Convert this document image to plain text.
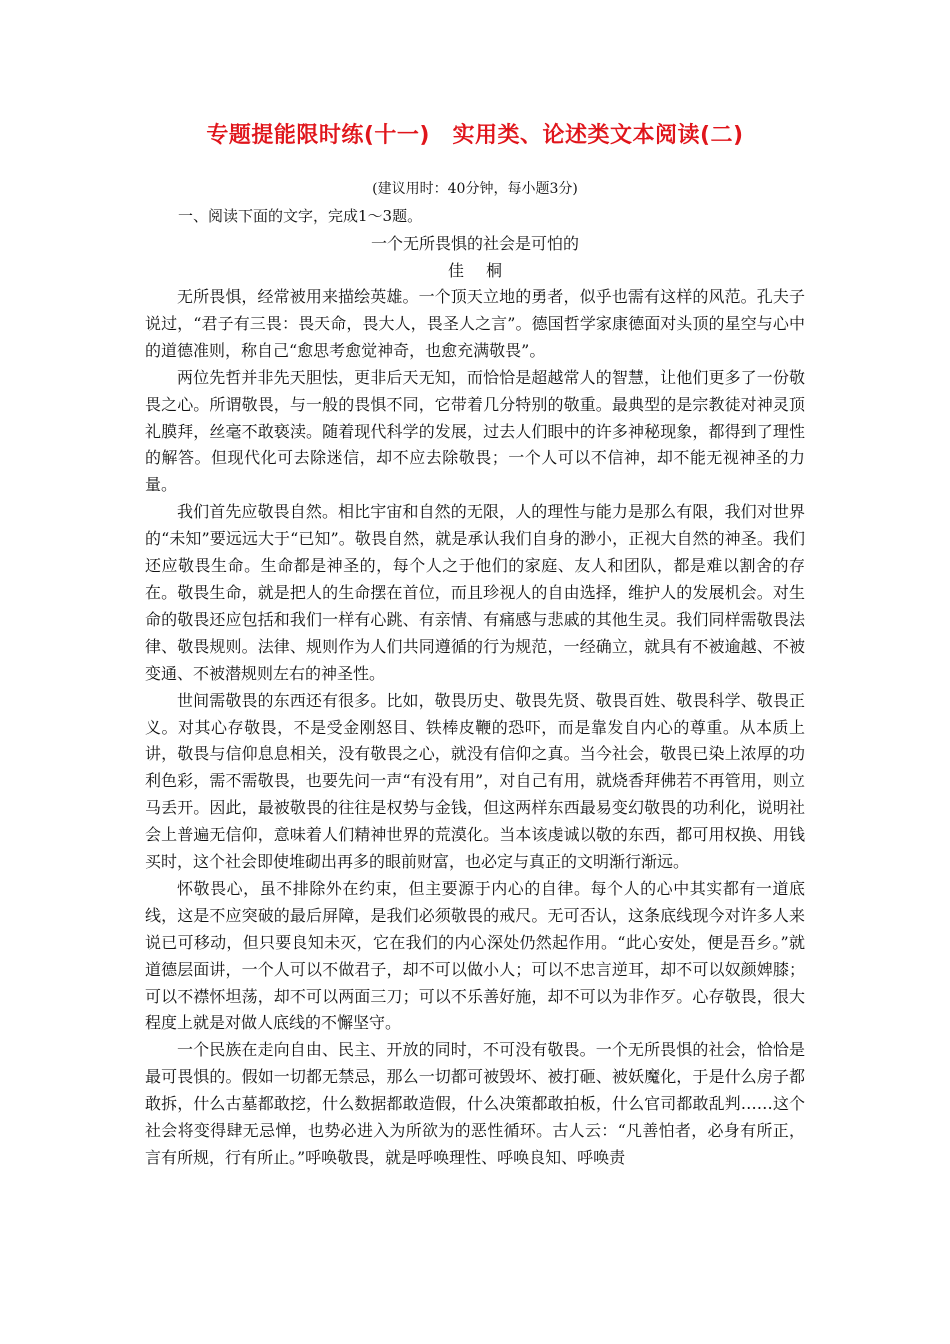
专题提能限时练(十一)　实用类、论述类文本阅读(二)
(建议用时：40分钟，每小题3分)
一、阅读下面的文字，完成1～3题。
一个无所畏惧的社会是可怕的
佳桐

无所畏惧，经常被用来描绘英雄。一个顶天立地的勇者，似乎也需有这样的风范。孔夫子说过，“君子有三畏：畏天命，畏大人，畏圣人之言”。德国哲学家康德面对头顶的星空与心中的道德准则，称自己“愈思考愈觉神奇，也愈充满敬畏”。

两位先哲并非先天胆怯，更非后天无知，而恰恰是超越常人的智慧，让他们更多了一份敬畏之心。所谓敬畏，与一般的畏惧不同，它带着几分特别的敬重。最典型的是宗教徒对神灵顶礼膜拜，丝毫不敢亵渎。随着现代科学的发展，过去人们眼中的许多神秘现象，都得到了理性的解答。但现代化可去除迷信，却不应去除敬畏；一个人可以不信神，却不能无视神圣的力量。

我们首先应敬畏自然。相比宇宙和自然的无限，人的理性与能力是那么有限，我们对世界的“未知”要远远大于“已知”。敬畏自然，就是承认我们自身的渺小，正视大自然的神圣。我们还应敬畏生命。生命都是神圣的，每个人之于他们的家庭、友人和团队，都是难以割舍的存在。敬畏生命，就是把人的生命摆在首位，而且珍视人的自由选择，维护人的发展机会。对生命的敬畏还应包括和我们一样有心跳、有亲情、有痛感与悲戚的其他生灵。我们同样需敬畏法律、敬畏规则。法律、规则作为人们共同遵循的行为规范，一经确立，就具有不被逾越、不被变通、不被潜规则左右的神圣性。

世间需敬畏的东西还有很多。比如，敬畏历史、敬畏先贤、敬畏百姓、敬畏科学、敬畏正义。对其心存敬畏，不是受金刚怒目、铁棒皮鞭的恐吓，而是靠发自内心的尊重。从本质上讲，敬畏与信仰息息相关，没有敬畏之心，就没有信仰之真。当今社会，敬畏已染上浓厚的功利色彩，需不需敬畏，也要先问一声“有没有用”，对自己有用，就烧香拜佛若不再管用，则立马丢开。因此，最被敬畏的往往是权势与金钱，但这两样东西最易变幻敬畏的功利化，说明社会上普遍无信仰，意味着人们精神世界的荒漠化。当本该虔诚以敬的东西，都可用权换、用钱买时，这个社会即使堆砌出再多的眼前财富，也必定与真正的文明渐行渐远。

怀敬畏心，虽不排除外在约束，但主要源于内心的自律。每个人的心中其实都有一道底线，这是不应突破的最后屏障，是我们必须敬畏的戒尺。无可否认，这条底线现今对许多人来说已可移动，但只要良知未灭，它在我们的内心深处仍然起作用。“此心安处，便是吾乡。”就道德层面讲，一个人可以不做君子，却不可以做小人；可以不忠言逆耳，却不可以奴颜婢膝；可以不襟怀坦荡，却不可以两面三刀；可以不乐善好施，却不可以为非作歹。心存敬畏，很大程度上就是对做人底线的不懈坚守。

一个民族在走向自由、民主、开放的同时，不可没有敬畏。一个无所畏惧的社会，恰恰是最可畏惧的。假如一切都无禁忌，那么一切都可被毁坏、被打砸、被妖魔化，于是什么房子都敢拆，什么古墓都敢挖，什么数据都敢造假，什么决策都敢拍板，什么官司都敢乱判……这个社会将变得肆无忌惮，也势必进入为所欲为的恶性循环。古人云：“凡善怕者，必身有所正，言有所规，行有所止。”呼唤敬畏，就是呼唤理性、呼唤良知、呼唤责
